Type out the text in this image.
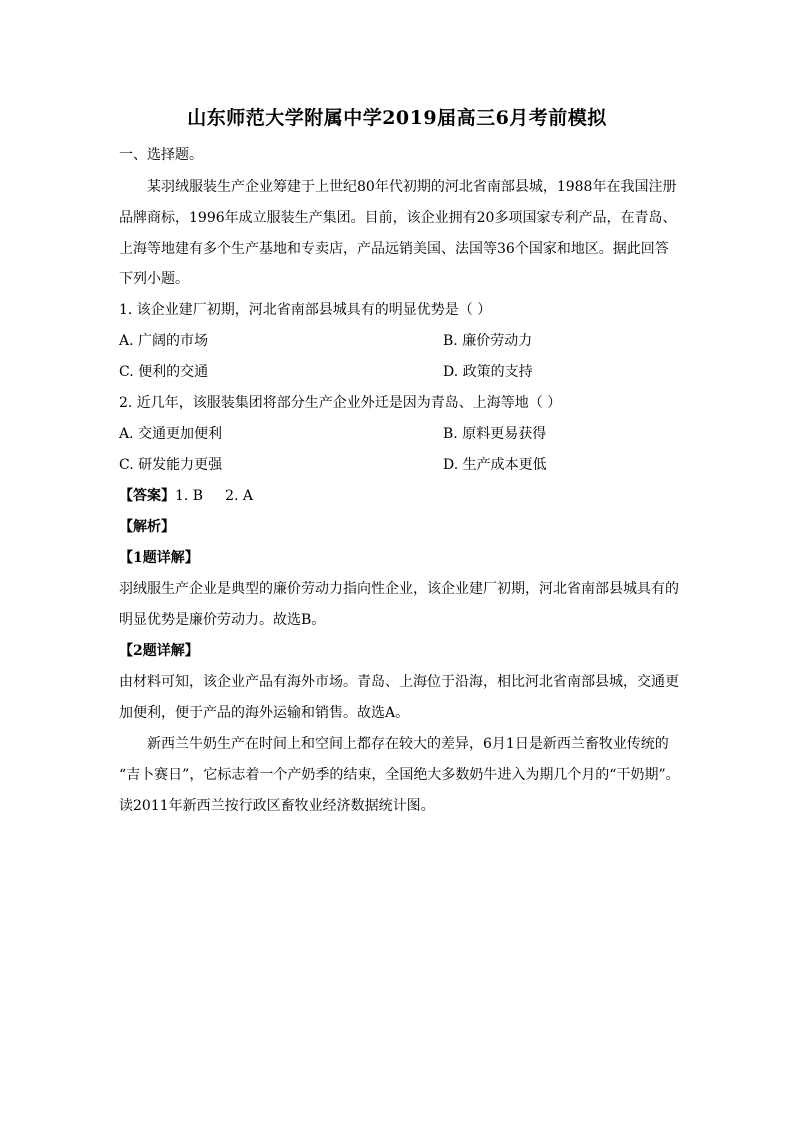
山东师范大学附属中学2019届高三6月考前模拟
一、选择题。
某羽绒服装生产企业筹建于上世纪80年代初期的河北省南部县城，1988年在我国注册
品牌商标，1996年成立服装生产集团。目前，该企业拥有20多项国家专利产品，在青岛、
上海等地建有多个生产基地和专卖店，产品远销美国、法国等36个国家和地区。据此回答
下列小题。
1. 该企业建厂初期，河北省南部县城具有的明显优势是（ ）
A. 广阔的市场	B. 廉价劳动力
C. 便利的交通	D. 政策的支持
2. 近几年，该服装集团将部分生产企业外迁是因为青岛、上海等地（ ）
A. 交通更加便利	B. 原料更易获得
C. 研发能力更强	D. 生产成本更低
【答案】1. B 2. A
【解析】
【1题详解】
羽绒服生产企业是典型的廉价劳动力指向性企业，该企业建厂初期，河北省南部县城具有的
明显优势是廉价劳动力。故选B。
【2题详解】
由材料可知，该企业产品有海外市场。青岛、上海位于沿海，相比河北省南部县城，交通更
加便利，便于产品的海外运输和销售。故选A。
新西兰牛奶生产在时间上和空间上都存在较大的差异，6月1日是新西兰畜牧业传统的
“吉卜赛日”，它标志着一个产奶季的结束，全国绝大多数奶牛进入为期几个月的“干奶期”。
读2011年新西兰按行政区畜牧业经济数据统计图。
